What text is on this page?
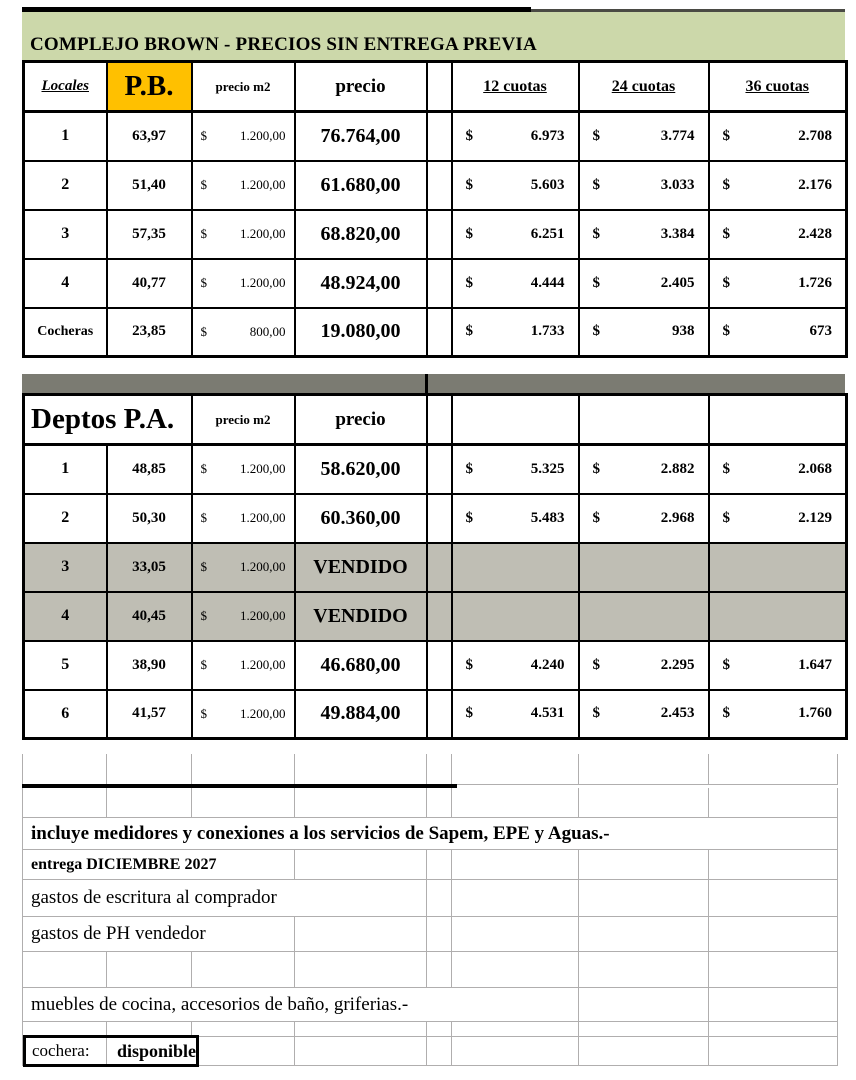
COMPLEJO BROWN - PRECIOS SIN ENTREGA PREVIA
Locales	P.B.	precio m2	precio		12 cuotas	24 cuotas	36 cuotas
1	63,97	$ 1.200,00	76.764,00		$ 6.973	$ 3.774	$ 2.708

2	51,40	$ 1.200,00	61.680,00		$ 5.603	$ 3.033	$ 2.176

3	57,35	$ 1.200,00	68.820,00		$ 6.251	$ 3.384	$ 2.428

4	40,77	$ 1.200,00	48.924,00		$ 4.444	$ 2.405	$ 1.726

Cocheras	23,85	$ 800,00	19.080,00		$ 1.733	$ 938	$ 673
Deptos P.A.		precio m2	precio				
1	48,85	$ 1.200,00	58.620,00		$ 5.325	$ 2.882	$ 2.068

2	50,30	$ 1.200,00	60.360,00		$ 5.483	$ 2.968	$ 2.129

3	33,05	$ 1.200,00	VENDIDO				
4	40,45	$ 1.200,00	VENDIDO				
5	38,90	$ 1.200,00	46.680,00		$ 4.240	$ 2.295	$ 1.647

6	41,57	$ 1.200,00	49.884,00		$ 4.531	$ 2.453	$ 1.760
incluye medidores y conexiones a los servicios de Sapem, EPE y Aguas.-
entrega DICIEMBRE 2027
gastos de escritura al comprador
gastos de PH vendedor
muebles de cocina, accesorios de baño, griferias.-
cochera:	disponible
